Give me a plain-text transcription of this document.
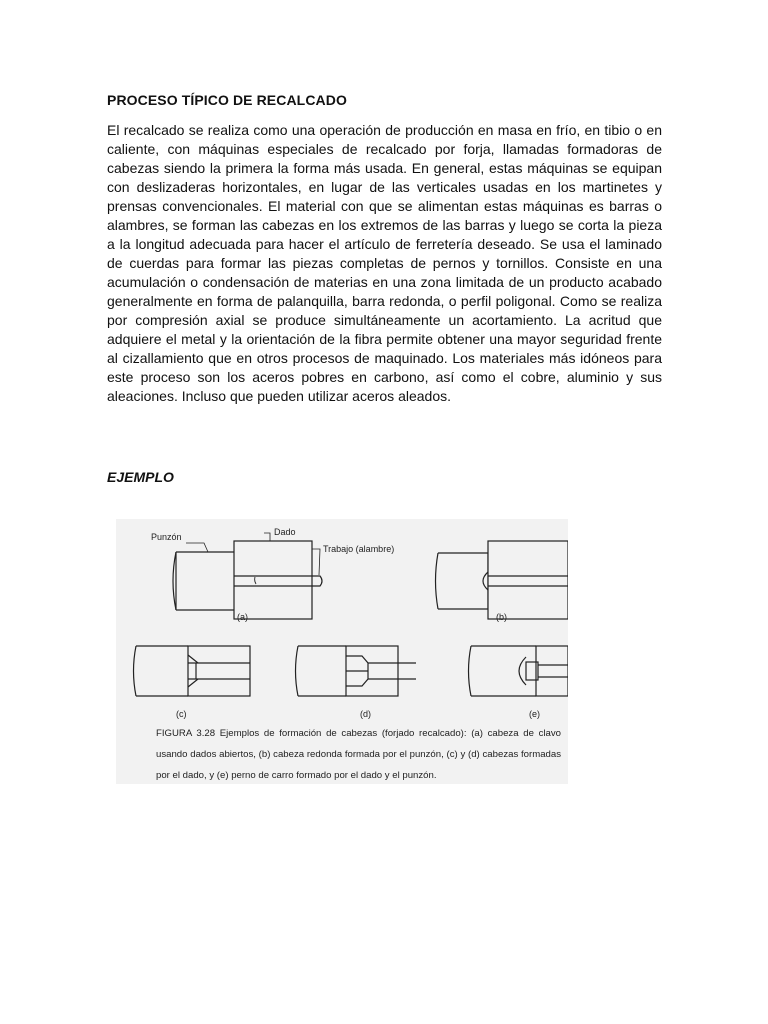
PROCESO TÍPICO DE RECALCADO
El recalcado se realiza como una operación de producción en masa en frío, en tibio o en caliente, con máquinas especiales de recalcado por forja, llamadas formadoras de cabezas siendo la primera la forma más usada. En general, estas máquinas se equipan con deslizaderas horizontales, en lugar de las verticales usadas en los martinetes y prensas convencionales. El material con que se alimentan estas máquinas es barras o alambres, se forman las cabezas en los extremos de las barras y luego se corta la pieza a la longitud adecuada para hacer el artículo de ferretería deseado. Se usa el laminado de cuerdas para formar las piezas completas de pernos y tornillos. Consiste en una acumulación o condensación de materias en una zona limitada de un producto acabado generalmente en forma de palanquilla, barra redonda, o perfil poligonal. Como se realiza por compresión axial se produce simultáneamente un acortamiento. La acritud que adquiere el metal y la orientación de la fibra permite obtener una mayor seguridad frente al cizallamiento que en otros procesos de maquinado. Los materiales más idóneos para este proceso son los aceros pobres en carbono, así como el cobre, aluminio y sus aleaciones. Incluso que pueden utilizar aceros aleados.
EJEMPLO
Punzón	Dado
Trabajo (alambre)
(a)	(b)
(c)	(d)	(e)
FIGURA 3.28 Ejemplos de formación de cabezas (forjado recalcado): (a) cabeza de clavo usando dados abiertos, (b) cabeza redonda formada por el punzón, (c) y (d) cabezas formadas por el dado, y (e) perno de carro formado por el dado y el punzón.
